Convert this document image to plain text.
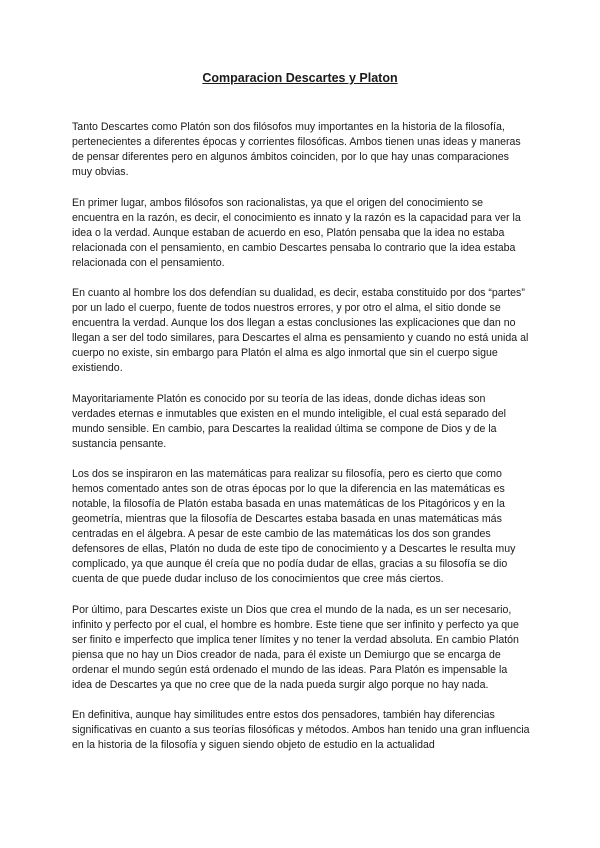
Comparacion Descartes y Platon

Tanto Descartes como Platón son dos filósofos muy importantes en la historia de la filosofía, pertenecientes a diferentes épocas y corrientes filosóficas. Ambos tienen unas ideas y maneras de pensar diferentes pero en algunos ámbitos coinciden, por lo que hay unas comparaciones muy obvias.

En primer lugar, ambos filósofos son racionalistas, ya que el origen del conocimiento se encuentra en la razón, es decir, el conocimiento es innato y la razón es la capacidad para ver la idea o la verdad. Aunque estaban de acuerdo en eso, Platón pensaba que la idea no estaba relacionada con el pensamiento, en cambio Descartes pensaba lo contrario que la idea estaba relacionada con el pensamiento.

En cuanto al hombre los dos defendían su dualidad, es decir, estaba constituido por dos “partes” por un lado el cuerpo, fuente de todos nuestros errores, y por otro el alma, el sitio donde se encuentra la verdad. Aunque los dos llegan a estas conclusiones las explicaciones que dan no llegan a ser del todo similares, para Descartes el alma es pensamiento y cuando no está unida al cuerpo no existe, sin embargo para Platón el alma es algo inmortal que sin el cuerpo sigue existiendo.

Mayoritariamente Platón es conocido por su teoría de las ideas, donde dichas ideas son verdades eternas e inmutables que existen en el mundo inteligible, el cual está separado del mundo sensible. En cambio, para Descartes la realidad última se compone de Dios y de la sustancia pensante.

Los dos se inspiraron en las matemáticas para realizar su filosofía, pero es cierto que como hemos comentado antes son de otras épocas por lo que la diferencia en las matemáticas es notable, la filosofía de Platón estaba basada en unas matemáticas de los Pitagóricos y en la geometría, mientras que la filosofía de Descartes estaba basada en unas matemáticas más centradas en el álgebra. A pesar de este cambio de las matemáticas los dos son grandes defensores de ellas, Platón no duda de este tipo de conocimiento y a Descartes le resulta muy complicado, ya que aunque él creía que no podía dudar de ellas, gracias a su filosofía se dio cuenta de que puede dudar incluso de los conocimientos que cree más ciertos.

Por último, para Descartes existe un Dios que crea el mundo de la nada, es un ser necesario, infinito y perfecto por el cual, el hombre es hombre. Este tiene que ser infinito y perfecto ya que ser finito e imperfecto que implica tener límites y no tener la verdad absoluta. En cambio Platón piensa que no hay un Dios creador de nada, para él existe un Demiurgo que se encarga de ordenar el mundo según está ordenado el mundo de las ideas. Para Platón es impensable la idea de Descartes ya que no cree que de la nada pueda surgir algo porque no hay nada.

En definitiva, aunque hay similitudes entre estos dos pensadores, también hay diferencias significativas en cuanto a sus teorías filosóficas y métodos. Ambos han tenido una gran influencia en la historia de la filosofía y siguen siendo objeto de estudio en la actualidad
